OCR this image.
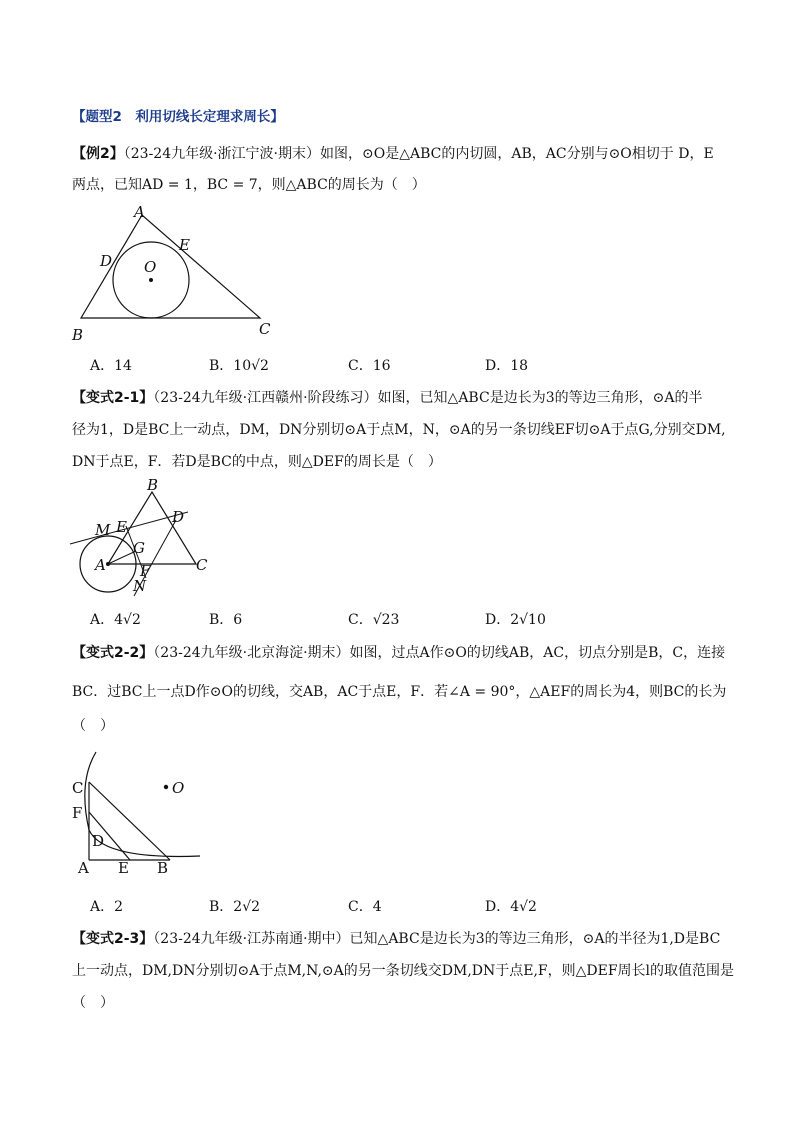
【题型2　利用切线长定理求周长】
【例2】（23-24九年级·浙江宁波·期末）如图，⊙O是△ABC的内切圆，AB，AC分别与⊙O相切于 D，E
两点，已知AD = 1，BC = 7，则△ABC的周长为（　）
A
B	C
D
E
O
A．14	B．10√2	C．16	D．18
【变式2-1】（23-24九年级·江西赣州·阶段练习）如图，已知△ABC是边长为3的等边三角形，⊙A的半
径为1，D是BC上一动点，DM，DN分别切⊙A于点M，N，⊙A的另一条切线EF切⊙A于点G,分别交DM,
DN于点E，F．若D是BC的中点，则△DEF的周长是（　）
M E
B
D
G
A F	C
N
A．4√2	B．6	C．√23	D．2√10
【变式2-2】（23-24九年级·北京海淀·期末）如图，过点A作⊙O的切线AB，AC，切点分别是B，C，连接
BC．过BC上一点D作⊙O的切线，交AB，AC于点E，F．若∠A = 90°，△AEF的周长为4，则BC的长为
（　）
C	O
F
D
A E B
A．2	B．2√2	C．4	D．4√2
【变式2-3】（23-24九年级·江苏南通·期中）已知△ABC是边长为3的等边三角形，⊙A的半径为1,D是BC
上一动点，DM,DN分别切⊙A于点M,N,⊙A的另一条切线交DM,DN于点E,F，则△DEF周长l的取值范围是
（　）
